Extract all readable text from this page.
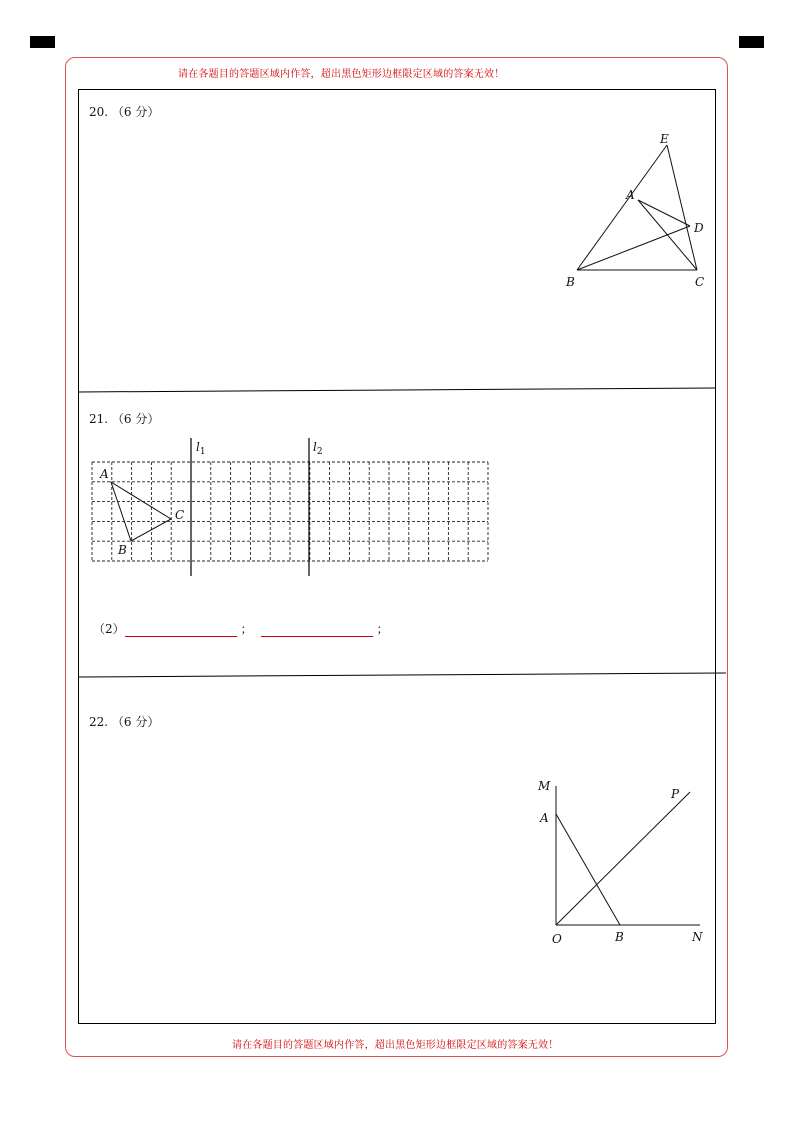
请在各题目的答题区域内作答，超出黑色矩形边框限定区域的答案无效！
请在各题目的答题区域内作答，超出黑色矩形边框限定区域的答案无效！
20. （6 分）
E
A
D
B	C
21. （6 分）
$l_1$	$l_2$
A
C
B
（2）	；	；
22. （6 分）
M
A
P
O	B	N
